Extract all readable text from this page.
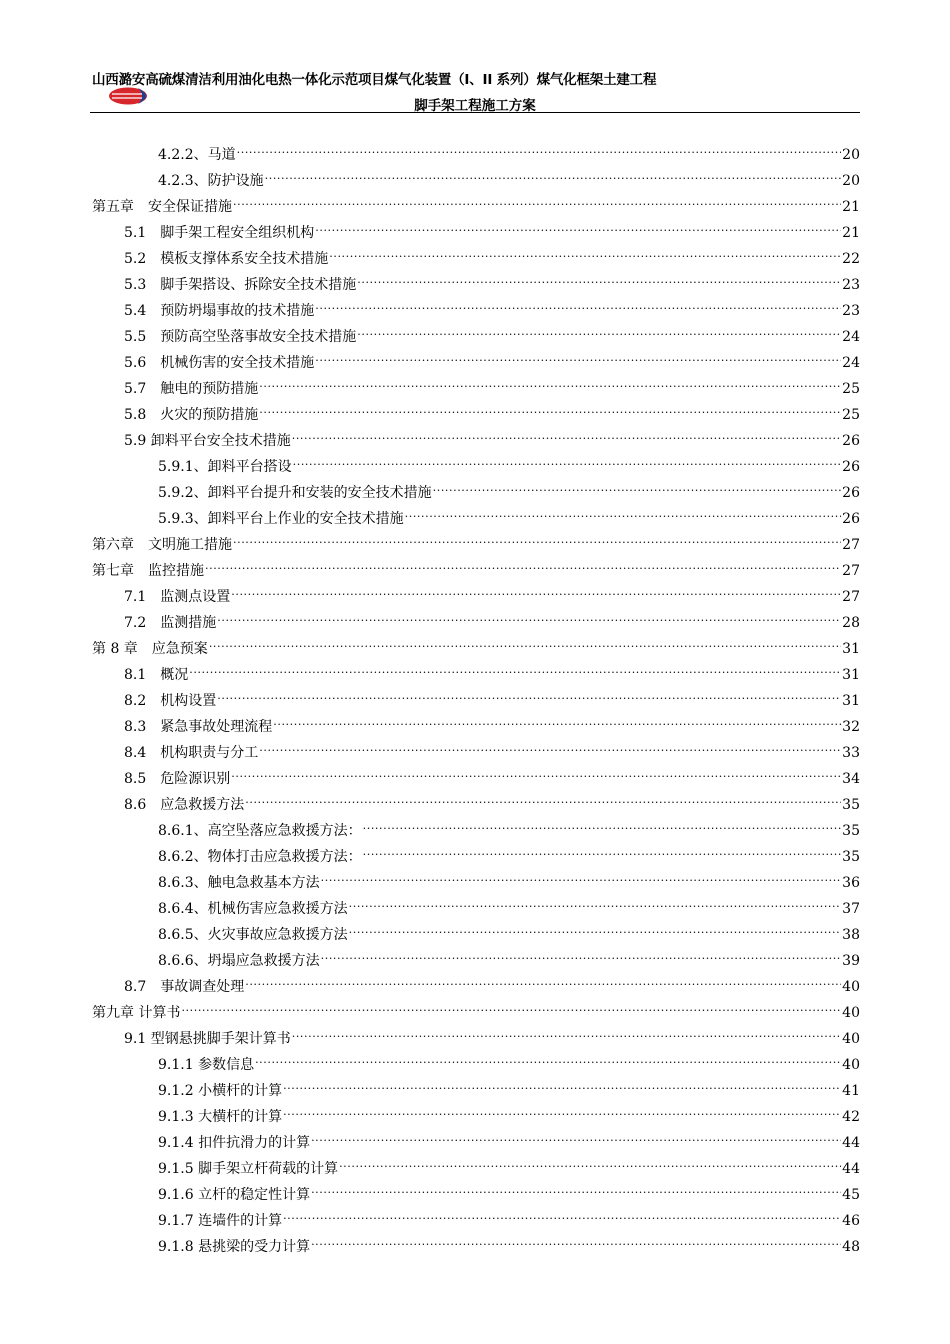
山西潞安高硫煤清洁利用油化电热一体化示范项目煤气化装置（I、II 系列）煤气化框架土建工程
脚手架工程施工方案
4.2.2、马道 .....	20
4.2.3、防护设施 .....	20
第五章　安全保证措施 .....	21
5.1　脚手架工程安全组织机构 .....	21
5.2　模板支撑体系安全技术措施 .....	22
5.3　脚手架搭设、拆除安全技术措施 .....	23
5.4　预防坍塌事故的技术措施 .....	23
5.5　预防高空坠落事故安全技术措施 .....	24
5.6　机械伤害的安全技术措施 .....	24
5.7　触电的预防措施 .....	25
5.8　火灾的预防措施 .....	25
5.9 卸料平台安全技术措施 .....	26
5.9.1、卸料平台搭设 .....	26
5.9.2、卸料平台提升和安装的安全技术措施 .....	26
5.9.3、卸料平台上作业的安全技术措施 .....	26
第六章　文明施工措施 .....	27
第七章　监控措施 .....	27
7.1　监测点设置 .....	27
7.2　监测措施 .....	28
第 8 章　应急预案 .....	31
8.1　概况 .....	31
8.2　机构设置 .....	31
8.3　紧急事故处理流程 .....	32
8.4　机构职责与分工 .....	33
8.5　危险源识别 .....	34
8.6　应急救援方法 .....	35
8.6.1、高空坠落应急救援方法： .....	35
8.6.2、物体打击应急救援方法： .....	35
8.6.3、触电急救基本方法 .....	36
8.6.4、机械伤害应急救援方法 .....	37
8.6.5、火灾事故应急救援方法 .....	38
8.6.6、坍塌应急救援方法 .....	39
8.7　事故调查处理 .....	40
第九章 计算书 .....	40
9.1 型钢悬挑脚手架计算书 .....	40
9.1.1 参数信息 .....	40
9.1.2 小横杆的计算 .....	41
9.1.3 大横杆的计算 .....	42
9.1.4 扣件抗滑力的计算 .....	44
9.1.5 脚手架立杆荷载的计算 .....	44
9.1.6 立杆的稳定性计算 .....	45
9.1.7 连墙件的计算 .....	46
9.1.8 悬挑梁的受力计算 .....	48
